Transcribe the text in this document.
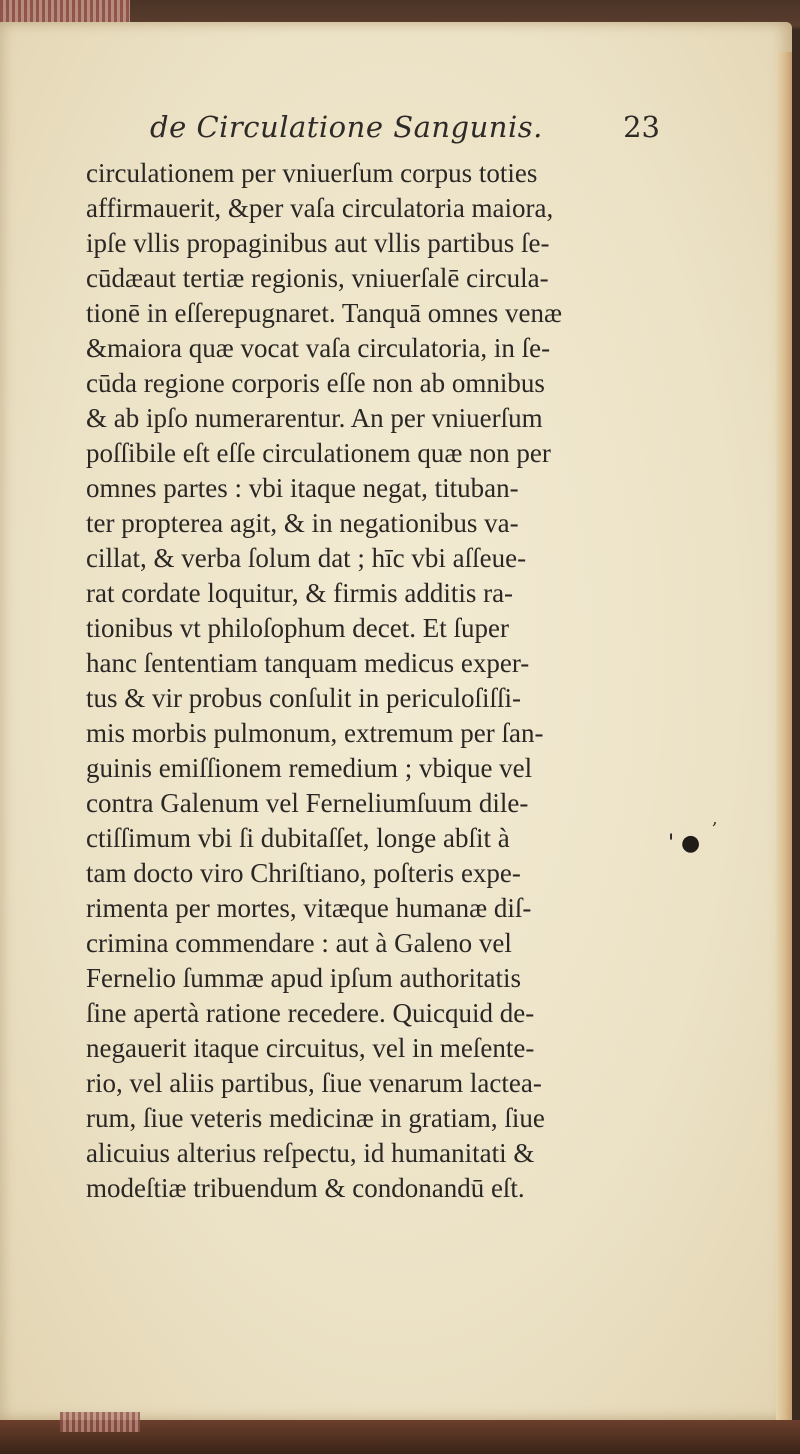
de Circulatione Sangunis.	23
circulationem per vniuerſum corpus toties
affirmauerit, &per vaſa circulatoria maiora,
ipſe vllis propaginibus aut vllis partibus ſe-
cūdæaut tertiæ regionis, vniuerſalē circula-
tionē in eſſerepugnaret. Tanquā omnes venæ
&maiora quæ vocat vaſa circulatoria, in ſe-
cūda regione corporis eſſe non ab omnibus
& ab ipſo numerarentur. An per vniuerſum
poſſibile eſt eſſe circulationem quæ non per
omnes partes : vbi itaque negat, tituban-
ter propterea agit, & in negationibus va-
cillat, & verba ſolum dat ; hīc vbi aſſeue-
rat cordate loquitur, & firmis additis ra-
tionibus vt philoſophum decet. Et ſuper
hanc ſententiam tanquam medicus exper-
tus & vir probus conſulit in periculoſiſſi-
mis morbis pulmonum, extremum per ſan-
guinis emiſſionem remedium ; vbique vel
contra Galenum vel Ferneliumſuum dile-
ctiſſimum vbi ſi dubitaſſet, longe abſit à
tam docto viro Chriſtiano, poſteris expe-
rimenta per mortes, vitæque humanæ diſ-
crimina commendare : aut à Galeno vel
Fernelio ſummæ apud ipſum authoritatis
ſine apertà ratione recedere. Quicquid de-
negauerit itaque circuitus, vel in meſente-
rio, vel aliis partibus, ſiue venarum lactea-
rum, ſiue veteris medicinæ in gratiam, ſiue
alicuius alterius reſpectu, id humanitati &
modeſtiæ tribuendum & condonandū eſt.
,
' ●
